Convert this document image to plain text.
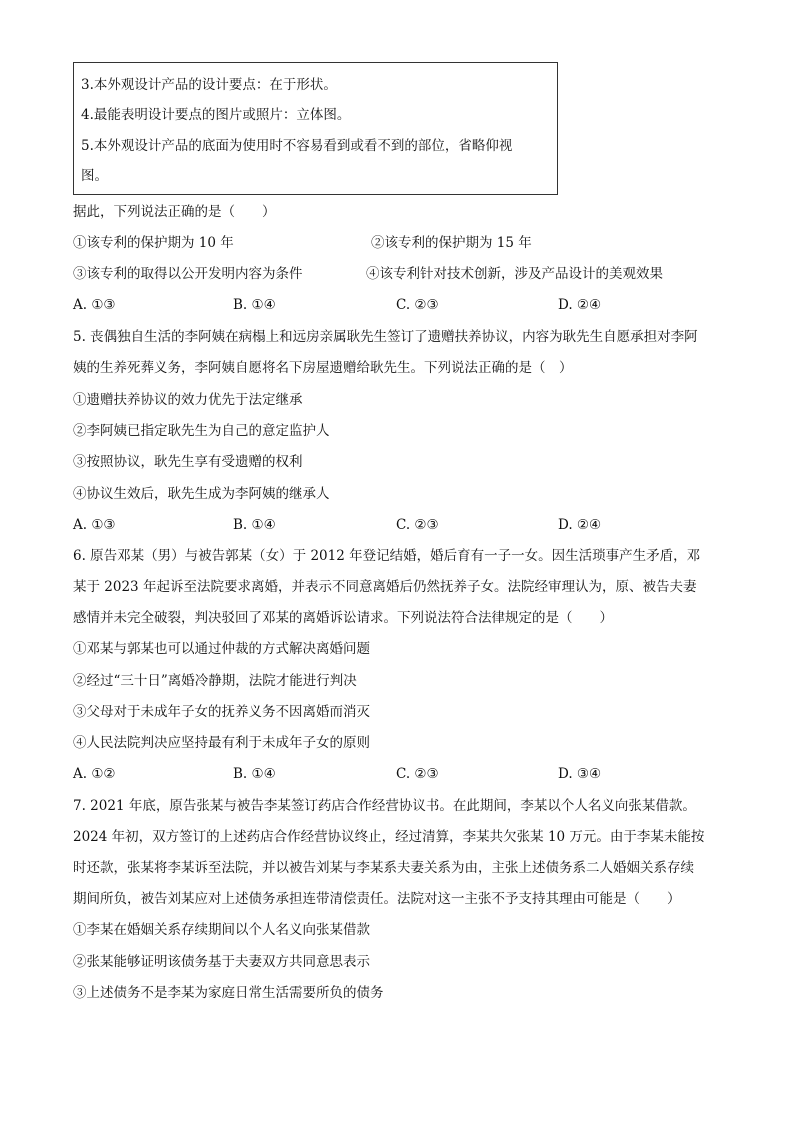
3.本外观设计产品的设计要点：在于形状。
4.最能表明设计要点的图片或照片：立体图。
5.本外观设计产品的底面为使用时不容易看到或看不到的部位，省略仰视
图。
据此，下列说法正确的是（　　）
①该专利的保护期为 10 年	②该专利的保护期为 15 年
③该专利的取得以公开发明内容为条件	④该专利针对技术创新，涉及产品设计的美观效果
A. ①③	B. ①④	C. ②③	D. ②④
5. 丧偶独自生活的李阿姨在病榻上和远房亲属耿先生签订了遗赠扶养协议，内容为耿先生自愿承担对李阿
姨的生养死葬义务，李阿姨自愿将名下房屋遗赠给耿先生。下列说法正确的是（　）
①遗赠扶养协议的效力优先于法定继承
②李阿姨已指定耿先生为自己的意定监护人
③按照协议，耿先生享有受遗赠的权利
④协议生效后，耿先生成为李阿姨的继承人
A. ①③	B. ①④	C. ②③	D. ②④
6. 原告邓某（男）与被告郭某（女）于 2012 年登记结婚，婚后育有一子一女。因生活琐事产生矛盾，邓
某于 2023 年起诉至法院要求离婚，并表示不同意离婚后仍然抚养子女。法院经审理认为，原、被告夫妻
感情并未完全破裂，判决驳回了邓某的离婚诉讼请求。下列说法符合法律规定的是（　　）
①邓某与郭某也可以通过仲裁的方式解决离婚问题
②经过“三十日”离婚冷静期，法院才能进行判决
③父母对于未成年子女的抚养义务不因离婚而消灭
④人民法院判决应坚持最有利于未成年子女的原则
A. ①②	B. ①④	C. ②③	D. ③④
7. 2021 年底，原告张某与被告李某签订药店合作经营协议书。在此期间，李某以个人名义向张某借款。
2024 年初，双方签订的上述药店合作经营协议终止，经过清算，李某共欠张某 10 万元。由于李某未能按
时还款，张某将李某诉至法院，并以被告刘某与李某系夫妻关系为由，主张上述债务系二人婚姻关系存续
期间所负，被告刘某应对上述债务承担连带清偿责任。法院对这一主张不予支持其理由可能是（　　）
①李某在婚姻关系存续期间以个人名义向张某借款
②张某能够证明该债务基于夫妻双方共同意思表示
③上述债务不是李某为家庭日常生活需要所负的债务
